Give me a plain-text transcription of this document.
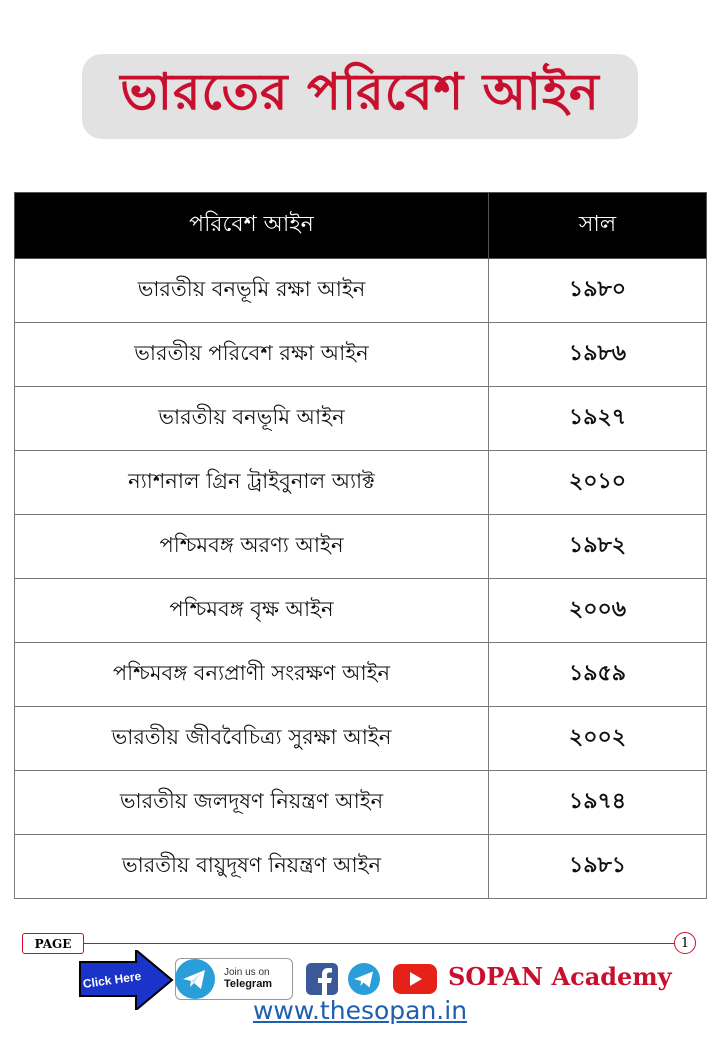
ভারতের পরিবেশ আইন
পরিবেশ আইন	সাল
ভারতীয় বনভূমি রক্ষা আইন	১৯৮০
ভারতীয় পরিবেশ রক্ষা আইন	১৯৮৬
ভারতীয় বনভূমি আইন	১৯২৭
ন্যাশনাল গ্রিন ট্রাইবুনাল অ্যাক্ট	২০১০
পশ্চিমবঙ্গ অরণ্য আইন	১৯৮২
পশ্চিমবঙ্গ বৃক্ষ আইন	২০০৬
পশ্চিমবঙ্গ বন্যপ্রাণী সংরক্ষণ আইন	১৯৫৯
ভারতীয় জীববৈচিত্র্য সুরক্ষা আইন	২০০২
ভারতীয় জলদূষণ নিয়ন্ত্রণ আইন	১৯৭৪
ভারতীয় বায়ুদূষণ নিয়ন্ত্রণ আইন	১৯৮১
PAGE	1
Click Here	Join us on
Telegram	SOPAN Academy
www.thesopan.in
